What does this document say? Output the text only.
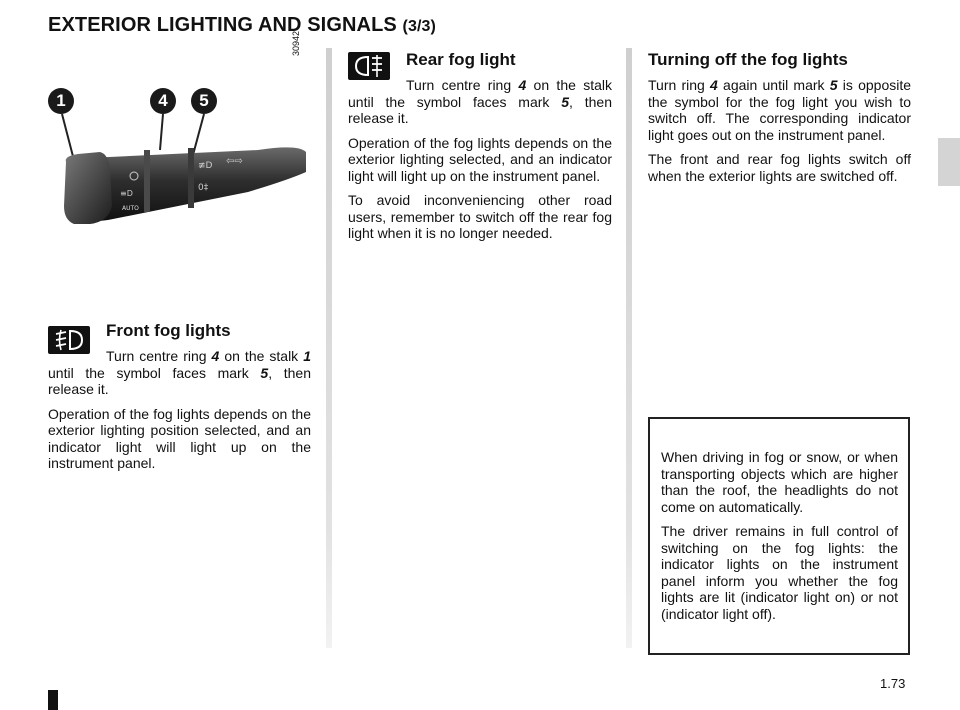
EXTERIOR LIGHTING AND SIGNALS (3/3)
30942
1	4	5
≡D
AUTO
≢D ⇦⇨
0‡
Front fog lights

Turn centre ring 4 on the stalk 1 until the symbol faces mark 5, then release it.

Operation of the fog lights depends on the exterior lighting position selected, and an indicator light will light up on the instrument panel.

Rear fog light

Turn centre ring 4 on the stalk until the symbol faces mark 5, then release it.

Operation of the fog lights depends on the exterior lighting selected, and an indicator light will light up on the instrument panel.

To avoid inconveniencing other road users, remember to switch off the rear fog light when it is no longer needed.

Turning off the fog lights

Turn ring 4 again until mark 5 is opposite the symbol for the fog light you wish to switch off. The corresponding indicator light goes out on the instrument panel.

The front and rear fog lights switch off when the exterior lights are switched off.

When driving in fog or snow, or when transporting objects which are higher than the roof, the headlights do not come on automatically.

The driver remains in full control of switching on the fog lights: the indicator lights on the instrument panel inform you whether the fog lights are lit (indicator light on) or not (indicator light off).

1.73
